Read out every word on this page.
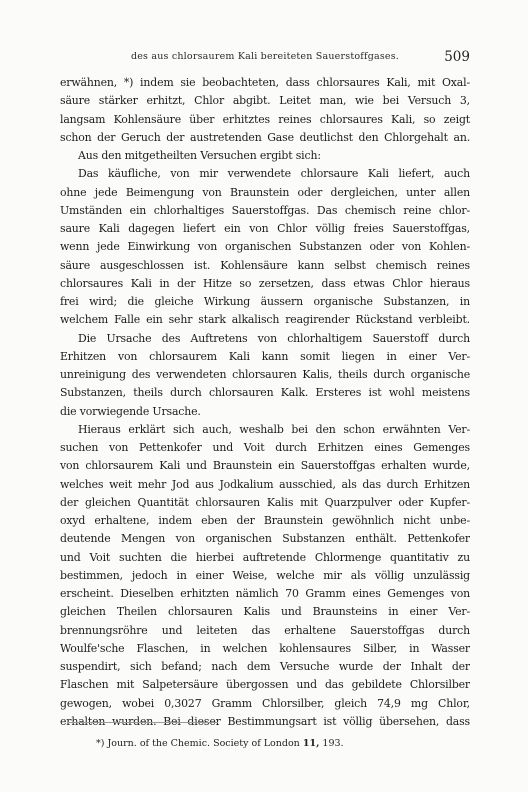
des aus chlorsaurem Kali bereiteten Sauerstoffgases.	509
erwähnen, *) indem sie beobachteten, dass chlorsaures Kali, mit Oxal-
säure stärker erhitzt, Chlor abgibt. Leitet man, wie bei Versuch 3,
langsam Kohlensäure über erhitztes reines chlorsaures Kali, so zeigt
schon der Geruch der austretenden Gase deutlichst den Chlorgehalt an.
Aus den mitgetheilten Versuchen ergibt sich:
Das käufliche, von mir verwendete chlorsaure Kali liefert, auch
ohne jede Beimengung von Braunstein oder dergleichen, unter allen
Umständen ein chlorhaltiges Sauerstoffgas. Das chemisch reine chlor-
saure Kali dagegen liefert ein von Chlor völlig freies Sauerstoffgas,
wenn jede Einwirkung von organischen Substanzen oder von Kohlen-
säure ausgeschlossen ist. Kohlensäure kann selbst chemisch reines
chlorsaures Kali in der Hitze so zersetzen, dass etwas Chlor hieraus
frei wird; die gleiche Wirkung äussern organische Substanzen, in
welchem Falle ein sehr stark alkalisch reagirender Rückstand verbleibt.
Die Ursache des Auftretens von chlorhaltigem Sauerstoff durch
Erhitzen von chlorsaurem Kali kann somit liegen in einer Ver-
unreinigung des verwendeten chlorsauren Kalis, theils durch organische
Substanzen, theils durch chlorsauren Kalk. Ersteres ist wohl meistens
die vorwiegende Ursache.
Hieraus erklärt sich auch, weshalb bei den schon erwähnten Ver-
suchen von Pettenkofer und Voit durch Erhitzen eines Gemenges
von chlorsaurem Kali und Braunstein ein Sauerstoffgas erhalten wurde,
welches weit mehr Jod aus Jodkalium ausschied, als das durch Erhitzen
der gleichen Quantität chlorsauren Kalis mit Quarzpulver oder Kupfer-
oxyd erhaltene, indem eben der Braunstein gewöhnlich nicht unbe-
deutende Mengen von organischen Substanzen enthält. Pettenkofer
und Voit suchten die hierbei auftretende Chlormenge quantitativ zu
bestimmen, jedoch in einer Weise, welche mir als völlig unzulässig
erscheint. Dieselben erhitzten nämlich 70 Gramm eines Gemenges von
gleichen Theilen chlorsauren Kalis und Braunsteins in einer Ver-
brennungsröhre und leiteten das erhaltene Sauerstoffgas durch
Woulfe'sche Flaschen, in welchen kohlensaures Silber, in Wasser
suspendirt, sich befand; nach dem Versuche wurde der Inhalt der
Flaschen mit Salpetersäure übergossen und das gebildete Chlorsilber
gewogen, wobei 0,3027 Gramm Chlorsilber, gleich 74,9 mg Chlor,
erhalten wurden. Bei dieser Bestimmungsart ist völlig übersehen, dass
*) Journ. of the Chemic. Society of London 11, 193.
